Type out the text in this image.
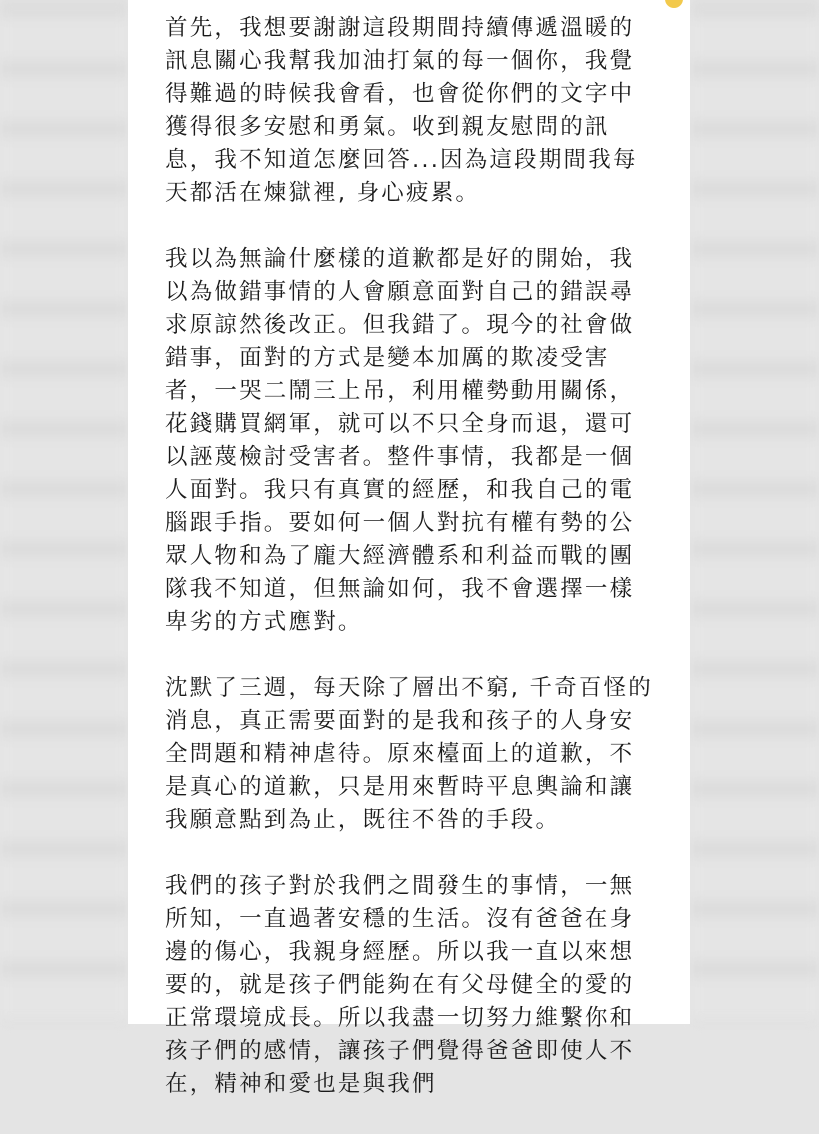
首先，我想要謝謝這段期間持續傳遞溫暖的訊息關心我幫我加油打氣的每一個你，我覺得難過的時候我會看，也會從你們的文字中獲得很多安慰和勇氣。收到親友慰問的訊息，我不知道怎麼回答...因為這段期間我每天都活在煉獄裡, 身心疲累。

我以為無論什麼樣的道歉都是好的開始，我以為做錯事情的人會願意面對自己的錯誤尋求原諒然後改正。但我錯了。現今的社會做錯事，面對的方式是變本加厲的欺凌受害者，一哭二鬧三上吊，利用權勢動用關係，花錢購買網軍，就可以不只全身而退，還可以誣蔑檢討受害者。整件事情，我都是一個人面對。我只有真實的經歷，和我自己的電腦跟手指。要如何一個人對抗有權有勢的公眾人物和為了龐大經濟體系和利益而戰的團隊我不知道，但無論如何，我不會選擇一樣卑劣的方式應對。

沈默了三週，每天除了層出不窮, 千奇百怪的消息，真正需要面對的是我和孩子的人身安全問題和精神虐待。原來檯面上的道歉，不是真心的道歉，只是用來暫時平息輿論和讓我願意點到為止，既往不咎的手段。

我們的孩子對於我們之間發生的事情，一無所知，一直過著安穩的生活。沒有爸爸在身邊的傷心，我親身經歷。所以我一直以來想要的，就是孩子們能夠在有父母健全的愛的正常環境成長。所以我盡一切努力維繫你和孩子們的感情，讓孩子們覺得爸爸即使人不在，精神和愛也是與我們
